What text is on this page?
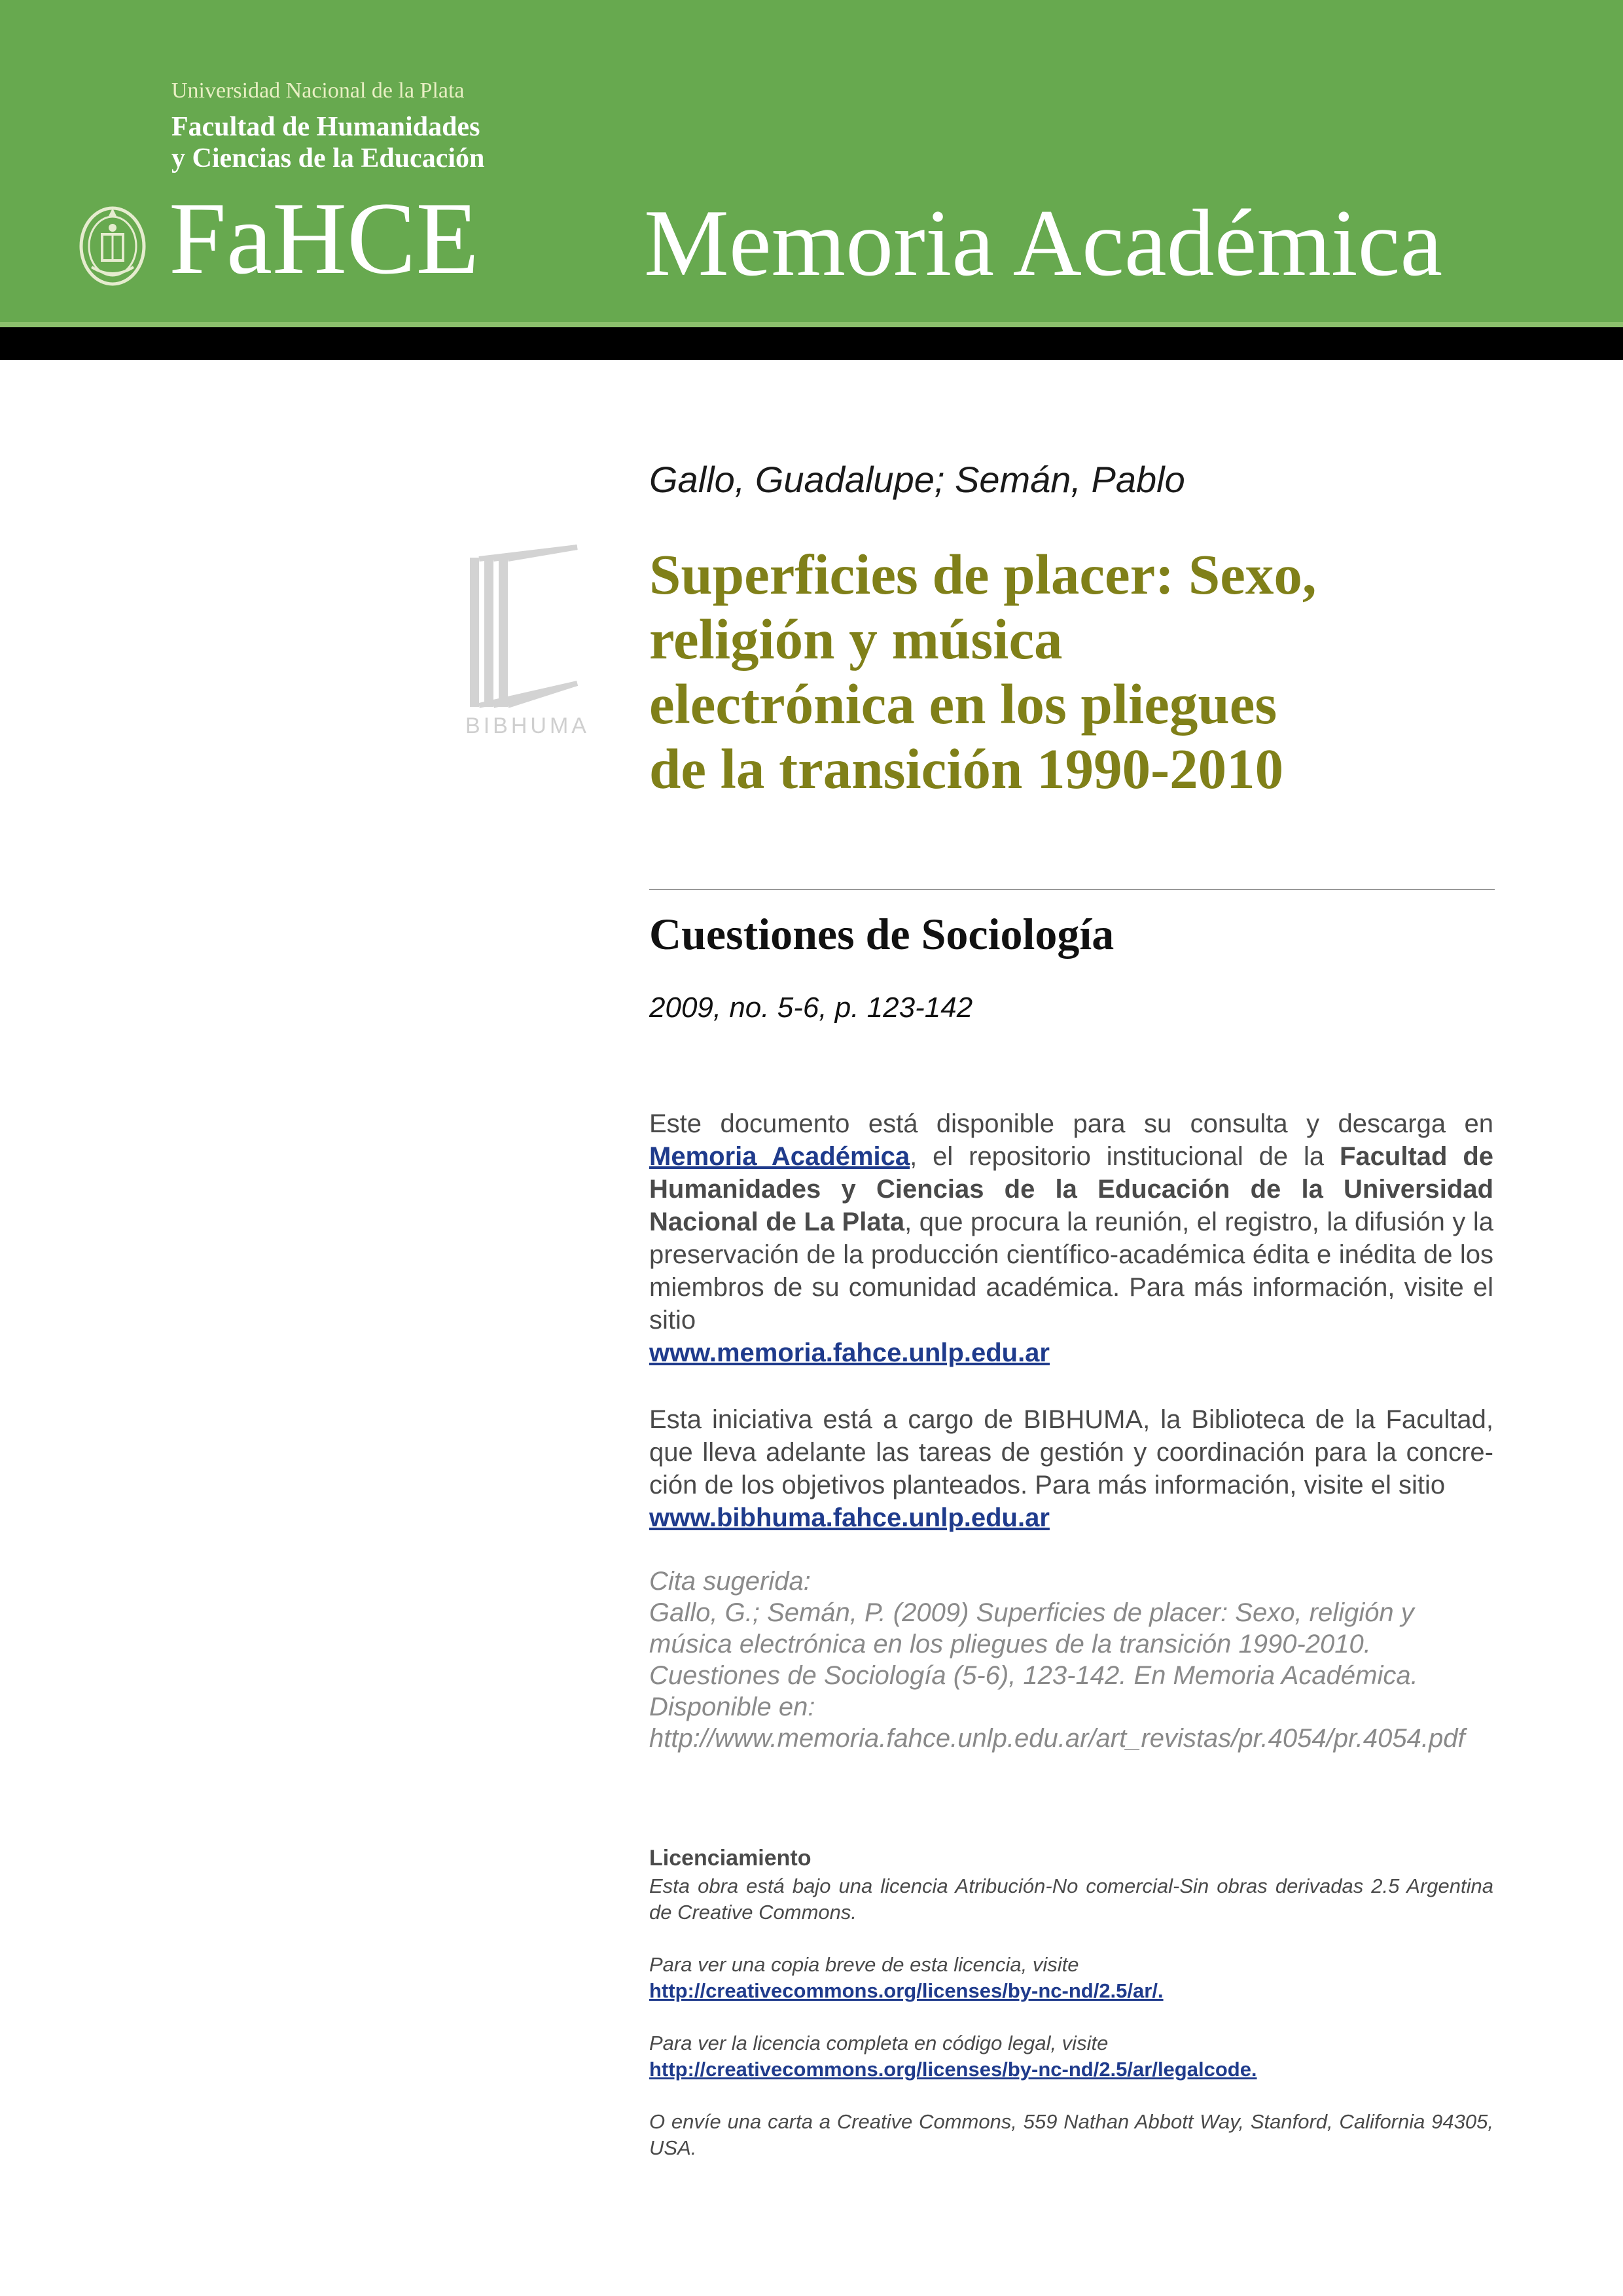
Universidad Nacional de la Plata
Facultad de Humanidades
y Ciencias de la Educación
FaHCE Memoria Académica
BIBHUMA
Gallo, Guadalupe; Semán, Pablo
Superficies de placer: Sexo,
religión y música
electrónica en los pliegues
de la transición 1990-2010
Cuestiones de Sociología
2009, no. 5-6, p. 123-142
Este documento está disponible para su consulta y descarga en Memoria Académica, el repositorio institucional de la Facultad de Humanidades y Ciencias de la Educación de la Universidad Nacional de La Plata, que procura la reunión, el registro, la difusión y la preservación de la producción científico-académica édita e inédita de los miembros de su comunidad académica. Para más información, visite el sitio
www.memoria.fahce.unlp.edu.ar
Esta iniciativa está a cargo de BIBHUMA, la Biblioteca de la Facultad, que lleva adelante las tareas de gestión y coordinación para la concre-ción de los objetivos planteados. Para más información, visite el sitio
www.bibhuma.fahce.unlp.edu.ar
Cita sugerida:
Gallo, G.; Semán, P. (2009) Superficies de placer: Sexo, religión y
música electrónica en los pliegues de la transición 1990-2010.
Cuestiones de Sociología (5-6), 123-142. En Memoria Académica.
Disponible en:
http://www.memoria.fahce.unlp.edu.ar/art_revistas/pr.4054/pr.4054.pdf
Licenciamiento
Esta obra está bajo una licencia Atribución-No comercial-Sin obras derivadas 2.5 Argentina de Creative Commons.
Para ver una copia breve de esta licencia, visite
http://creativecommons.org/licenses/by-nc-nd/2.5/ar/.
Para ver la licencia completa en código legal, visite
http://creativecommons.org/licenses/by-nc-nd/2.5/ar/legalcode.
O envíe una carta a Creative Commons, 559 Nathan Abbott Way, Stanford, California 94305, USA.
